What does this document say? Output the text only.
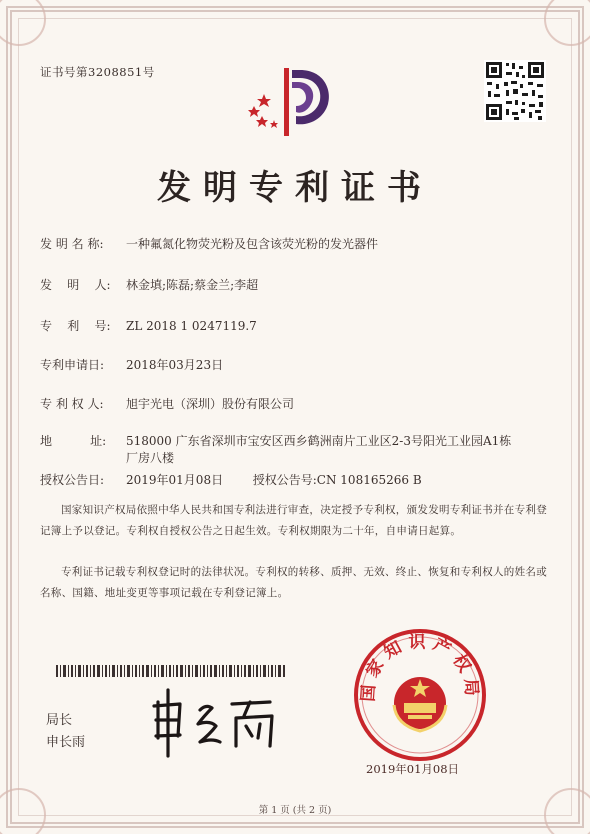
证书号第3208851号
发明专利证书
发 明 名 称: 一种氟氮化物荧光粉及包含该荧光粉的发光器件
发    明    人: 林金填;陈磊;蔡金兰;李超
专    利    号: ZL 2018 1 0247119.7
专利申请日: 2018年03月23日
专 利 权 人: 旭宇光电（深圳）股份有限公司
地          址: 518000 广东省深圳市宝安区西乡鹤洲南片工业区2-3号阳光工业园A1栋厂房八楼
授权公告日: 2019年01月08日 授权公告号:CN 108165266 B
国家知识产权局依照中华人民共和国专利法进行审查，决定授予专利权，颁发发明专利证书并在专利登记簿上予以登记。专利权自授权公告之日起生效。专利权期限为二十年，自申请日起算。
专利证书记载专利权登记时的法律状况。专利权的转移、质押、无效、终止、恢复和专利权人的姓名或名称、国籍、地址变更等事项记载在专利登记簿上。
局长
申长雨
国家知识产权局
2019年01月08日
第 1 页 (共 2 页)
